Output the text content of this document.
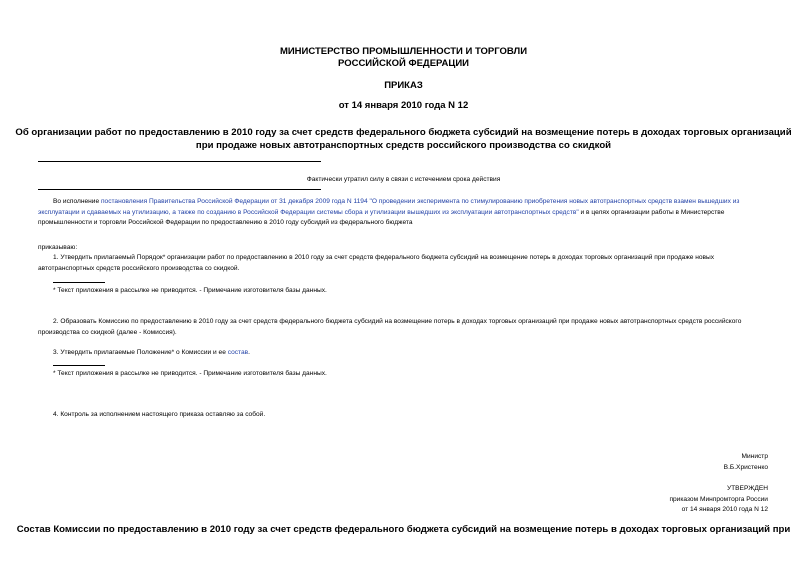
МИНИСТЕРСТВО ПРОМЫШЛЕННОСТИ И ТОРГОВЛИ
РОССИЙСКОЙ ФЕДЕРАЦИИ
ПРИКАЗ
от 14 января 2010 года N 12
Об организации работ по предоставлению в 2010 году за счет средств федерального бюджета субсидий на возмещение потерь в доходах торговых организаций
при продаже новых автотранспортных средств российского производства со скидкой
Фактически утратил силу в связи с истечением срока действия
Во исполнение постановления Правительства Российской Федерации от 31 декабря 2009 года N 1194 "О проведении эксперимента по стимулированию приобретения новых автотранспортных средств взамен вышедших из эксплуатации и сдаваемых на утилизацию, а также по созданию в Российской Федерации системы сбора и утилизации вышедших из эксплуатации автотранспортных средств" и в целях организации работы в Министерстве промышленности и торговли Российской Федерации по предоставлению в 2010 году субсидий из федерального бюджета
приказываю:
1. Утвердить прилагаемый Порядок* организации работ по предоставлению в 2010 году за счет средств федерального бюджета субсидий на возмещение потерь в доходах торговых организаций при продаже новых автотранспортных средств российского производства со скидкой.
* Текст приложения в рассылке не приводится. - Примечание изготовителя базы данных.
2. Образовать Комиссию по предоставлению в 2010 году за счет средств федерального бюджета субсидий на возмещение потерь в доходах торговых организаций при продаже новых автотранспортных средств российского производства со скидкой (далее - Комиссия).
3. Утвердить прилагаемые Положение* о Комиссии и ее состав.
* Текст приложения в рассылке не приводится. - Примечание изготовителя базы данных.
4. Контроль за исполнением настоящего приказа оставляю за собой.
Министр
В.Б.Христенко
УТВЕРЖДЕН
приказом Минпромторга России
от 14 января 2010 года N 12
Состав Комиссии по предоставлению в 2010 году за счет средств федерального бюджета субсидий на возмещение потерь в доходах торговых организаций при
